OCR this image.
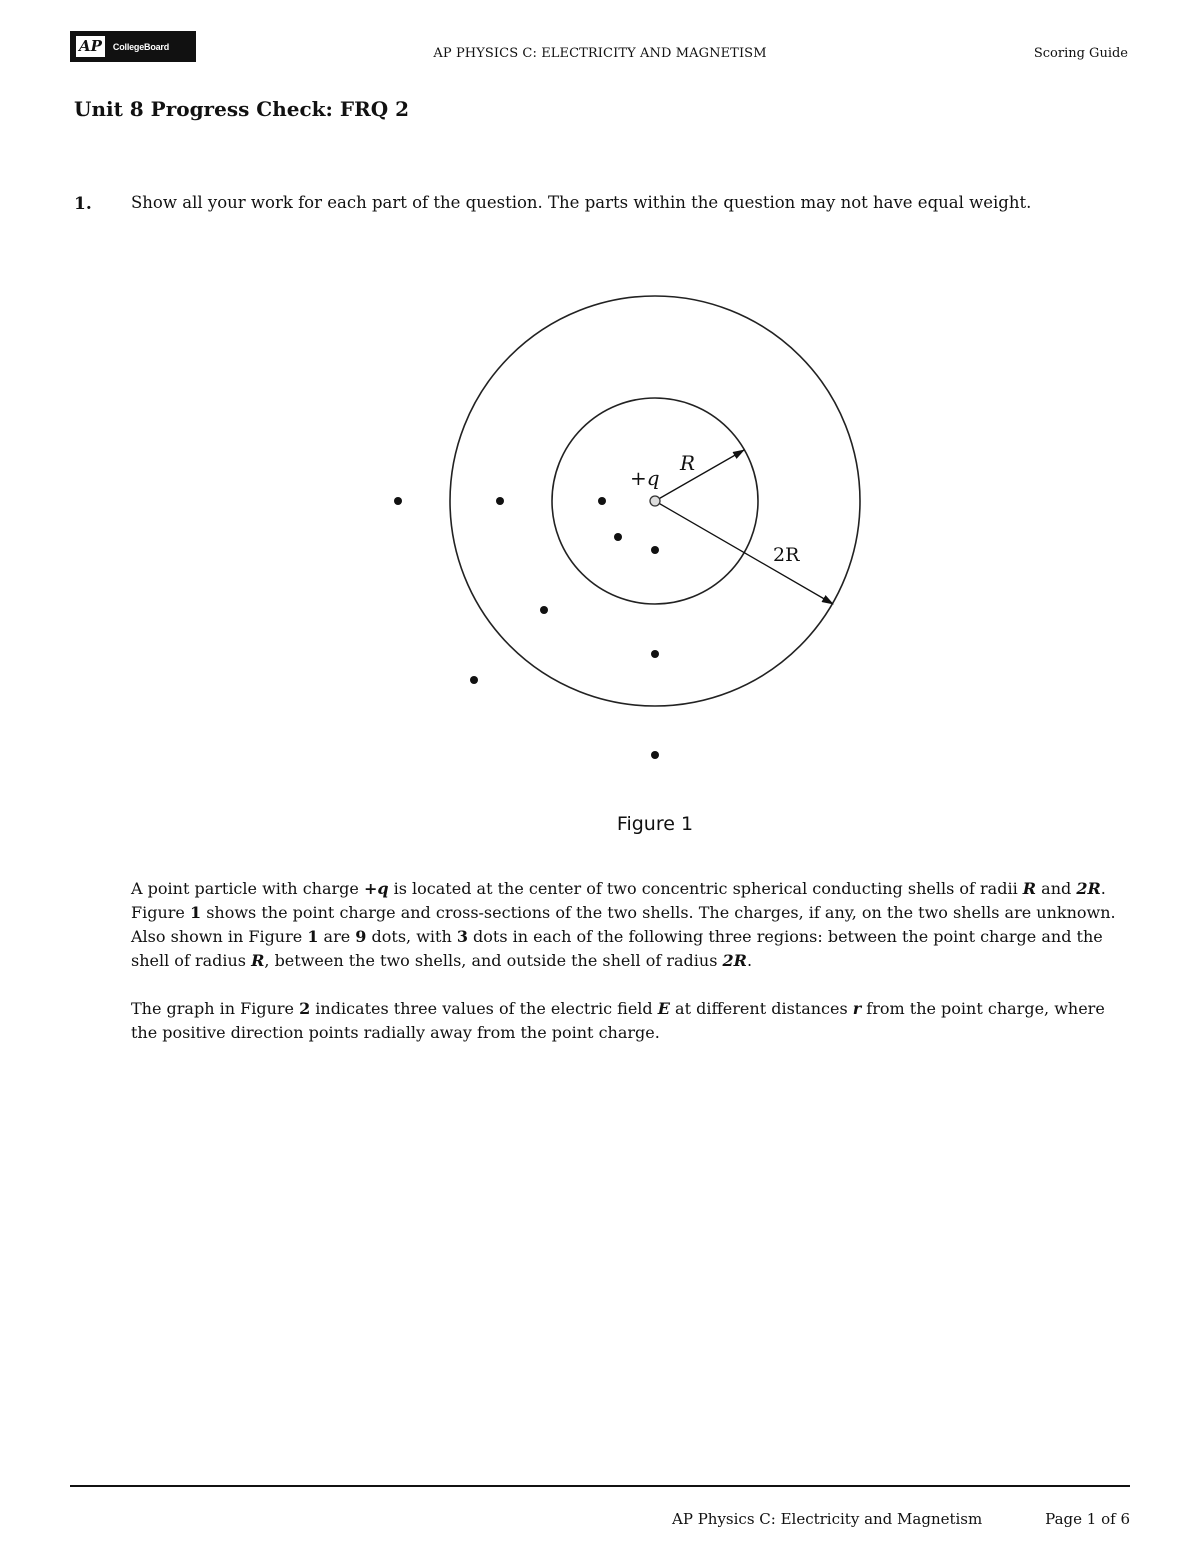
AP	CollegeBoard	AP PHYSICS C: ELECTRICITY AND MAGNETISM	Scoring Guide
Unit 8 Progress Check: FRQ 2
1. Show all your work for each part of the question. The parts within the question may not have equal weight.
+q
R
2R
Figure 1

A point particle with charge +q is located at the center of two concentric spherical conducting shells of radii R and 2R. Figure 1 shows the point charge and cross-sections of the two shells. The charges, if any, on the two shells are unknown. Also shown in Figure 1 are 9 dots, with 3 dots in each of the following three regions: between the point charge and the shell of radius R, between the two shells, and outside the shell of radius 2R.

The graph in Figure 2 indicates three values of the electric field E at different distances r from the point charge, where the positive direction points radially away from the point charge.

AP Physics C: Electricity and Magnetism	Page 1 of 6
